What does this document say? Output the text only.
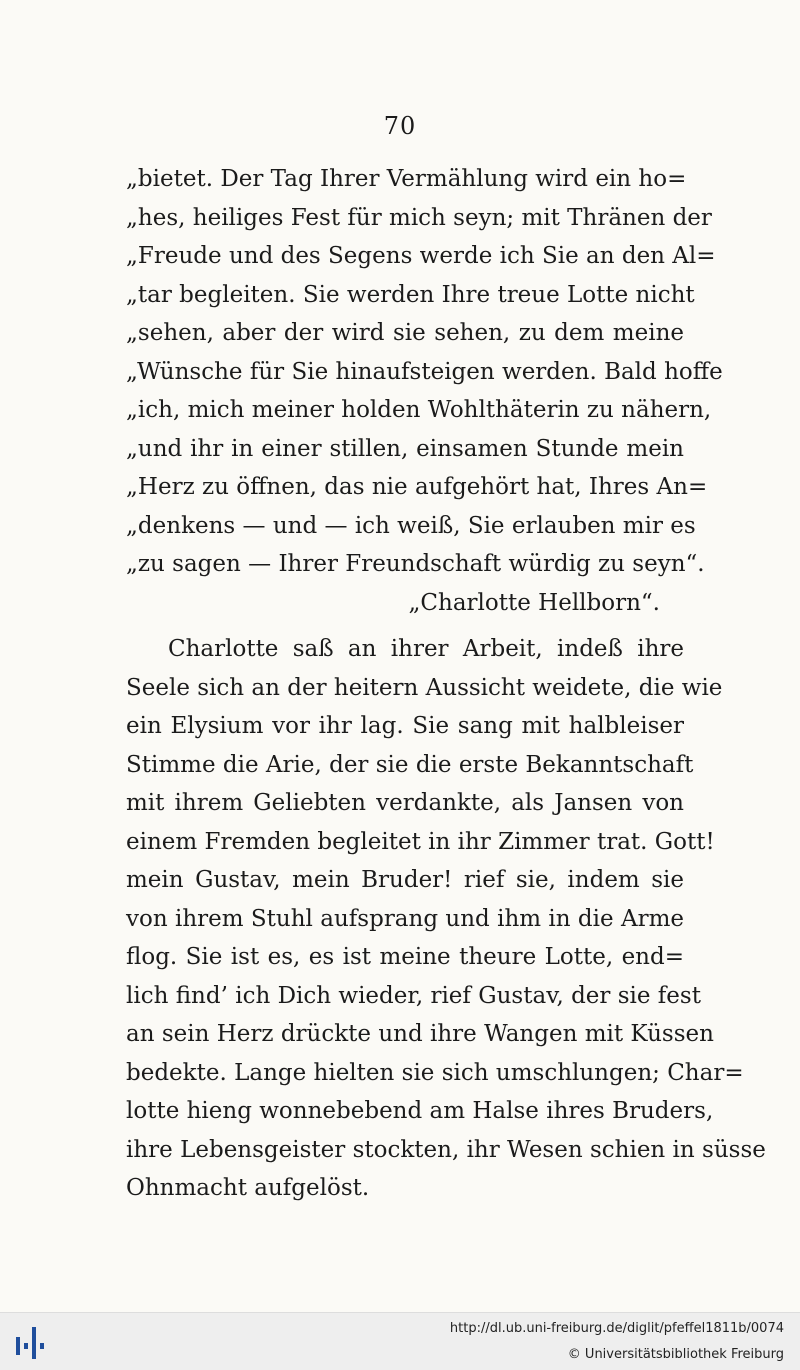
70
„bietet. Der Tag Ihrer Vermählung wird ein ho=
„hes, heiliges Fest für mich seyn; mit Thränen der
„Freude und des Segens werde ich Sie an den Al=
„tar begleiten. Sie werden Ihre treue Lotte nicht
„sehen, aber der wird sie sehen, zu dem meine
„Wünsche für Sie hinaufsteigen werden. Bald hoffe
„ich, mich meiner holden Wohlthäterin zu nähern,
„und ihr in einer stillen, einsamen Stunde mein
„Herz zu öffnen, das nie aufgehört hat, Ihres An=
„denkens — und — ich weiß, Sie erlauben mir es
„zu sagen — Ihrer Freundschaft würdig zu seyn“.
„Charlotte Hellborn“.
Charlotte saß an ihrer Arbeit, indeß ihre
Seele sich an der heitern Aussicht weidete, die wie
ein Elysium vor ihr lag. Sie sang mit halbleiser
Stimme die Arie, der sie die erste Bekanntschaft
mit ihrem Geliebten verdankte, als Jansen von
einem Fremden begleitet in ihr Zimmer trat. Gott!
mein Gustav, mein Bruder! rief sie, indem sie
von ihrem Stuhl aufsprang und ihm in die Arme
flog. Sie ist es, es ist meine theure Lotte, end=
lich find’ ich Dich wieder, rief Gustav, der sie fest
an sein Herz drückte und ihre Wangen mit Küssen
bedekte. Lange hielten sie sich umschlungen; Char=
lotte hieng wonnebebend am Halse ihres Bruders,
ihre Lebensgeister stockten, ihr Wesen schien in süsse
Ohnmacht aufgelöst.
http://dl.ub.uni-freiburg.de/diglit/pfeffel1811b/0074
© Universitätsbibliothek Freiburg
